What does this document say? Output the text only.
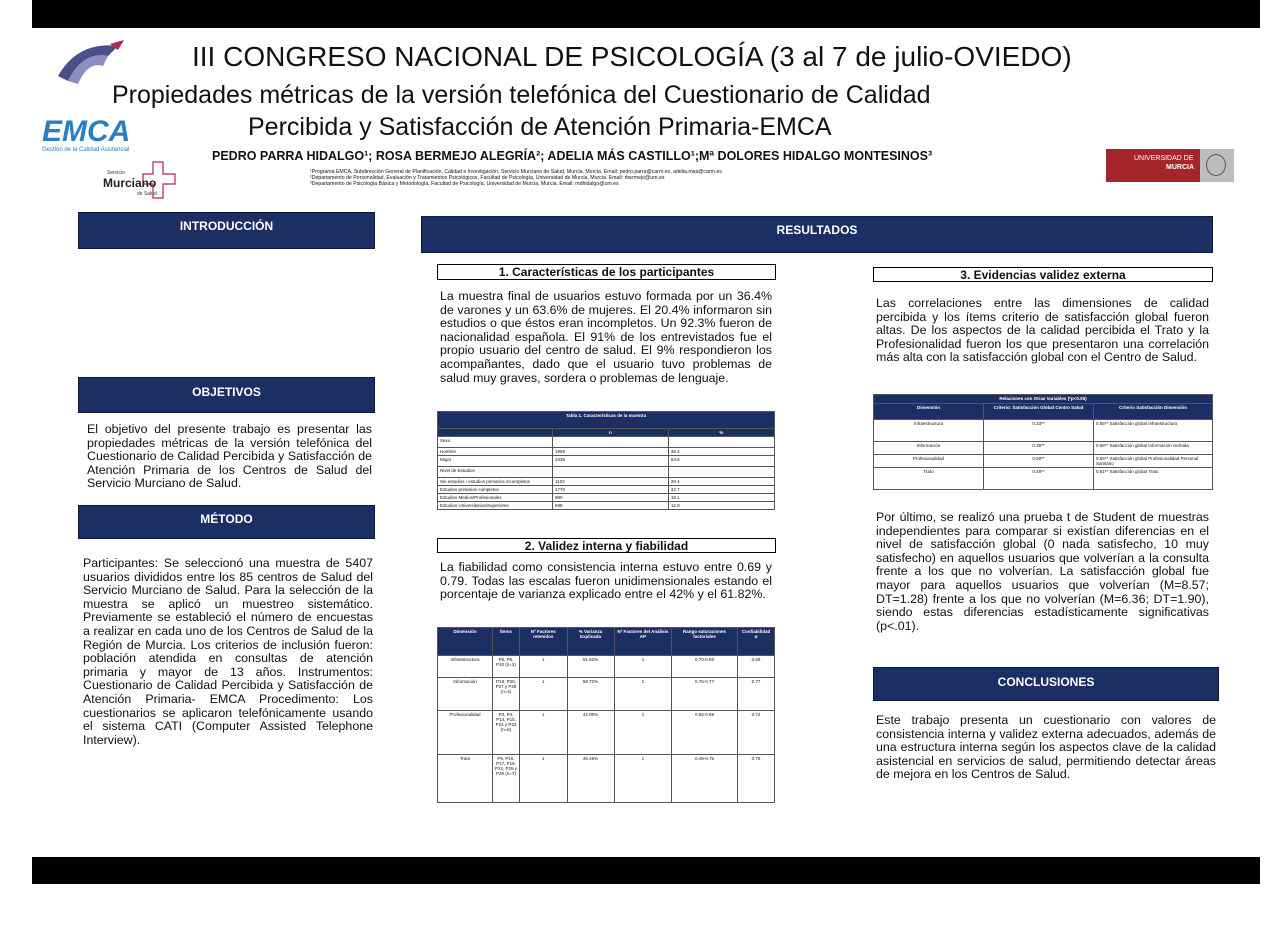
EMCA
Gestión de la Calidad Asistencial
Servicio
Murciano
de Salud
UNIVERSIDAD DE
MURCIA
III CONGRESO NACIONAL DE PSICOLOGÍA (3 al 7 de julio-OVIEDO)
Propiedades métricas de la versión telefónica del Cuestionario de Calidad
Percibida y Satisfacción de Atención Primaria-EMCA
PEDRO PARRA HIDALGO¹; ROSA BERMEJO ALEGRÍA²; ADELIA MÁS CASTILLO¹;Mª DOLORES HIDALGO MONTESINOS³
¹Programa EMCA, Subdirección General de Planificación, Calidad e Investigación, Servicio Murciano de Salud, Murcia, Murcia. Email: pedro.parra@carm.es, adelia.mas@carm.es
²Departamento de Personalidad, Evaluación y Tratamientos Psicológicos, Facultad de Psicología, Universidad de Murcia, Murcia. Email: rbermejo@um.es
³Departamento de Psicología Básica y Metodología, Facultad de Psicología, Universidad de Murcia, Murcia. Email: mdhidalgo@um.es
INTRODUCCIÓN
OBJETIVOS
El objetivo del presente trabajo es presentar las propiedades métricas de la versión telefónica del Cuestionario de Calidad Percibida y Satisfacción de Atención Primaria de los Centros de Salud del Servicio Murciano de Salud.
MÉTODO
Participantes: Se seleccionó una muestra de 5407 usuarios divididos entre los 85 centros de Salud del Servicio Murciano de Salud. Para la selección de la muestra se aplicó un muestreo sistemático. Previamente se estableció el número de encuestas a realizar en cada uno de los Centros de Salud de la Región de Murcia. Los criterios de inclusión fueron: población atendida en consultas de atención primaria y mayor de 13 años. Instrumentos: Cuestionario de Calidad Percibida y Satisfacción de Atención Primaria- EMCA Procedimento: Los cuestionarios se aplicaron telefónicamente usando el sistema CATI (Computer Assisted Telephone Interview).
RESULTADOS
1. Características de los participantes
La muestra final de usuarios estuvo formada por un 36.4% de varones y un 63.6% de mujeres. El 20.4% informaron sin estudios o que éstos eran incompletos. Un 92.3% fueron de nacionalidad española. El 91% de los entrevistados fue el propio usuario del centro de salud. El 9% respondieron los acompañantes, dado que el usuario tuvo problemas de salud muy graves, sordera o problemas de lenguaje.
Tabla 1. Características de la muestra		
	n	%
Sexo		
Hombre	1968	36.4
Mujer	3439	63.6
Nivel de Estudios		
Sin estudios / estudios primarios incompletos	1103	20.4
Estudios primarios completos	1770	32.7
Estudios Medios/Profesionales	980	18.1
Estudios Universitarios/Superiores	698	12.9
2. Validez interna y fiabilidad
La fiabilidad como consistencia interna estuvo entre 0.69 y 0.79. Todas las escalas fueron unidimensionales estando el porcentaje de varianza explicado entre el 42% y el 61.82%.
Dimensión	Ítems	Nº Factores retenidos	% Varianza Explicada	Nº Factores del Análisis AP	Rango saturaciones factoriales	Confiabilidad α
Infraestructura	P5, P6, P10 (n=3)	1	61.82%	1	0.70-0.88	0.69
Información	P19, P20, P27 y P28 (n=4)	1	59.72%	1	0.76-0.77	0.77
Profesionalidad	P3, P4, P14, P15, P22 y P23 (n=6)	1	42.00%	1	0.55-0.69	0.72
Trato	P9, P16, P17, P18, P24, P25 y P26 (n=7)	1	45.46%	1	0.49-0.75	0.79
3. Evidencias validez externa
Las correlaciones entre las dimensiones de calidad percibida y los ítems criterio de satisfacción global fueron altas. De los aspectos de la calidad percibida el Trato y la Profesionalidad fueron los que presentaron una correlación más alta con la satisfacción global con el Centro de Salud.
Relaciones con Otras Variables (*p<0.05)		
Dimensión	Criterio: Satisfacción Global Centro Salud	Criterio Satisfacción Dimensión
Infraestructura	0.33**	0.65** Satisfacción global Infraestructura
Información	0.39**	0.68** Satisfacción global Información recibida
Profesionalidad	0.50**	0.55** Satisfacción global Profesionalidad Personal Sanitario
Trato	0.48**	0.61** Satisfacción global Trato
Por último, se realizó una prueba t de Student de muestras independientes para comparar si existían diferencias en el nivel de satisfacción global (0 nada satisfecho, 10 muy satisfecho) en aquellos usuarios que volverían a la consulta frente a los que no volverían. La satisfacción global fue mayor para aquellos usuarios que volverían (M=8.57; DT=1.28) frente a los que no volverían (M=6.36; DT=1.90), siendo estas diferencias estadísticamente significativas (p<.01).
CONCLUSIONES
Este trabajo presenta un cuestionario con valores de consistencia interna y validez externa adecuados, además de una estructura interna según los aspectos clave de la calidad asistencial en servicios de salud, permitiendo detectar áreas de mejora en los Centros de Salud.
